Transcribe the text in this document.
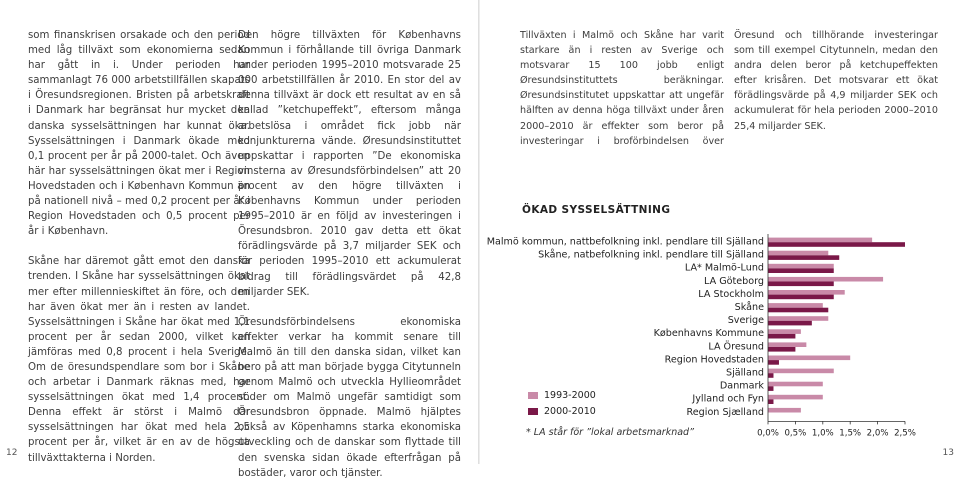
som finanskrisen orsakade och den period med låg tillväxt som ekonomierna sedan har gått in i. Under perioden har sammanlagt 76 000 arbetstillfällen skapats i Öresundsregionen. Bristen på arbetskraft i Danmark har begränsat hur mycket den danska sysselsättningen har kunnat öka. Sysselsättningen i Danmark ökade med 0,1 procent per år på 2000-talet. Och även här har sysselsättningen ökat mer i Region Hovedstaden och i København Kommun än på nationell nivå – med 0,2 procent per år i Region Hovedstaden och 0,5 procent per år i København.

Skåne har däremot gått emot den danska trenden. I Skåne har sysselsättningen ökat mer efter millennieskiftet än före, och den har även ökat mer än i resten av landet. Sysselsättningen i Skåne har ökat med 1,1 procent per år sedan 2000, vilket kan jämföras med 0,8 procent i hela Sverige. Om de öresundspendlare som bor i Skåne och arbetar i Danmark räknas med, har sysselsättningen ökat med 1,4 procent. Denna effekt är störst i Malmö där sysselsättningen har ökat med hela 2,5 procent per år, vilket är en av de högsta tillväxttakterna i Norden.

Den högre tillväxten för Københavns Kommun i förhållande till övriga Danmark under perioden 1995–2010 motsvarade 25 000 arbetstillfällen år 2010. En stor del av denna tillväxt är dock ett resultat av en så kallad ”ketchupeffekt”, eftersom många arbetslösa i området fick jobb när konjunkturerna vände. Øresundsinstituttet uppskattar i rapporten ”De ekonomiska vinsterna av Øresundsförbindelsen” att 20 procent av den högre tillväxten i Københavns Kommun under perioden 1995–2010 är en följd av investeringen i Öresundsbron. 2010 gav detta ett ökat förädlingsvärde på 3,7 miljarder SEK och för perioden 1995–2010 ett ackumulerat bidrag till förädlingsvärdet på 42,8 miljarder SEK.

Öresundsförbindelsens ekonomiska effekter verkar ha kommit senare till Malmö än till den danska sidan, vilket kan bero på att man började bygga Citytunneln genom Malmö och utveckla Hyllieområdet söder om Malmö ungefär samtidigt som Öresundsbron öppnade. Malmö hjälptes också av Köpenhamns starka ekonomiska utveckling och de danskar som flyttade till den svenska sidan ökade efterfrågan på bostäder, varor och tjänster.

12	13

Tillväxten i Malmö och Skåne har varit starkare än i resten av Sverige och motsvarar 15 100 jobb enligt Øresundsinstituttets beräkningar. Øresundsinstitutet uppskattar att ungefär hälften av denna höga tillväxt under åren 2000–2010 är effekter som beror på investeringar i broförbindelsen över Öresund och tillhörande investeringar som till exempel Citytunneln, medan den andra delen beror på ketchupeffekten efter krisåren. Det motsvarar ett ökat förädlingsvärde på 4,9 miljarder SEK och ackumulerat för hela perioden 2000–2010 25,4 miljarder SEK.

ÖKAD SYSSELSÄTTNING
Malmö kommun, nattbefolkning inkl. pendlare till Själland
Skåne, natbefolkning inkl. pendlare till Själland
LA* Malmö-Lund
LA Göteborg
LA Stockholm
Skåne
Sverige
Københavns Kommune
LA Öresund
Region Hovedstaden
Själland
Danmark
Jylland och Fyn
Region Sjælland
0,0% 0,5% 1,0% 1,5% 2,0% 2,5%
1993-2000
2000-2010
* LA står för ”lokal arbetsmarknad”
